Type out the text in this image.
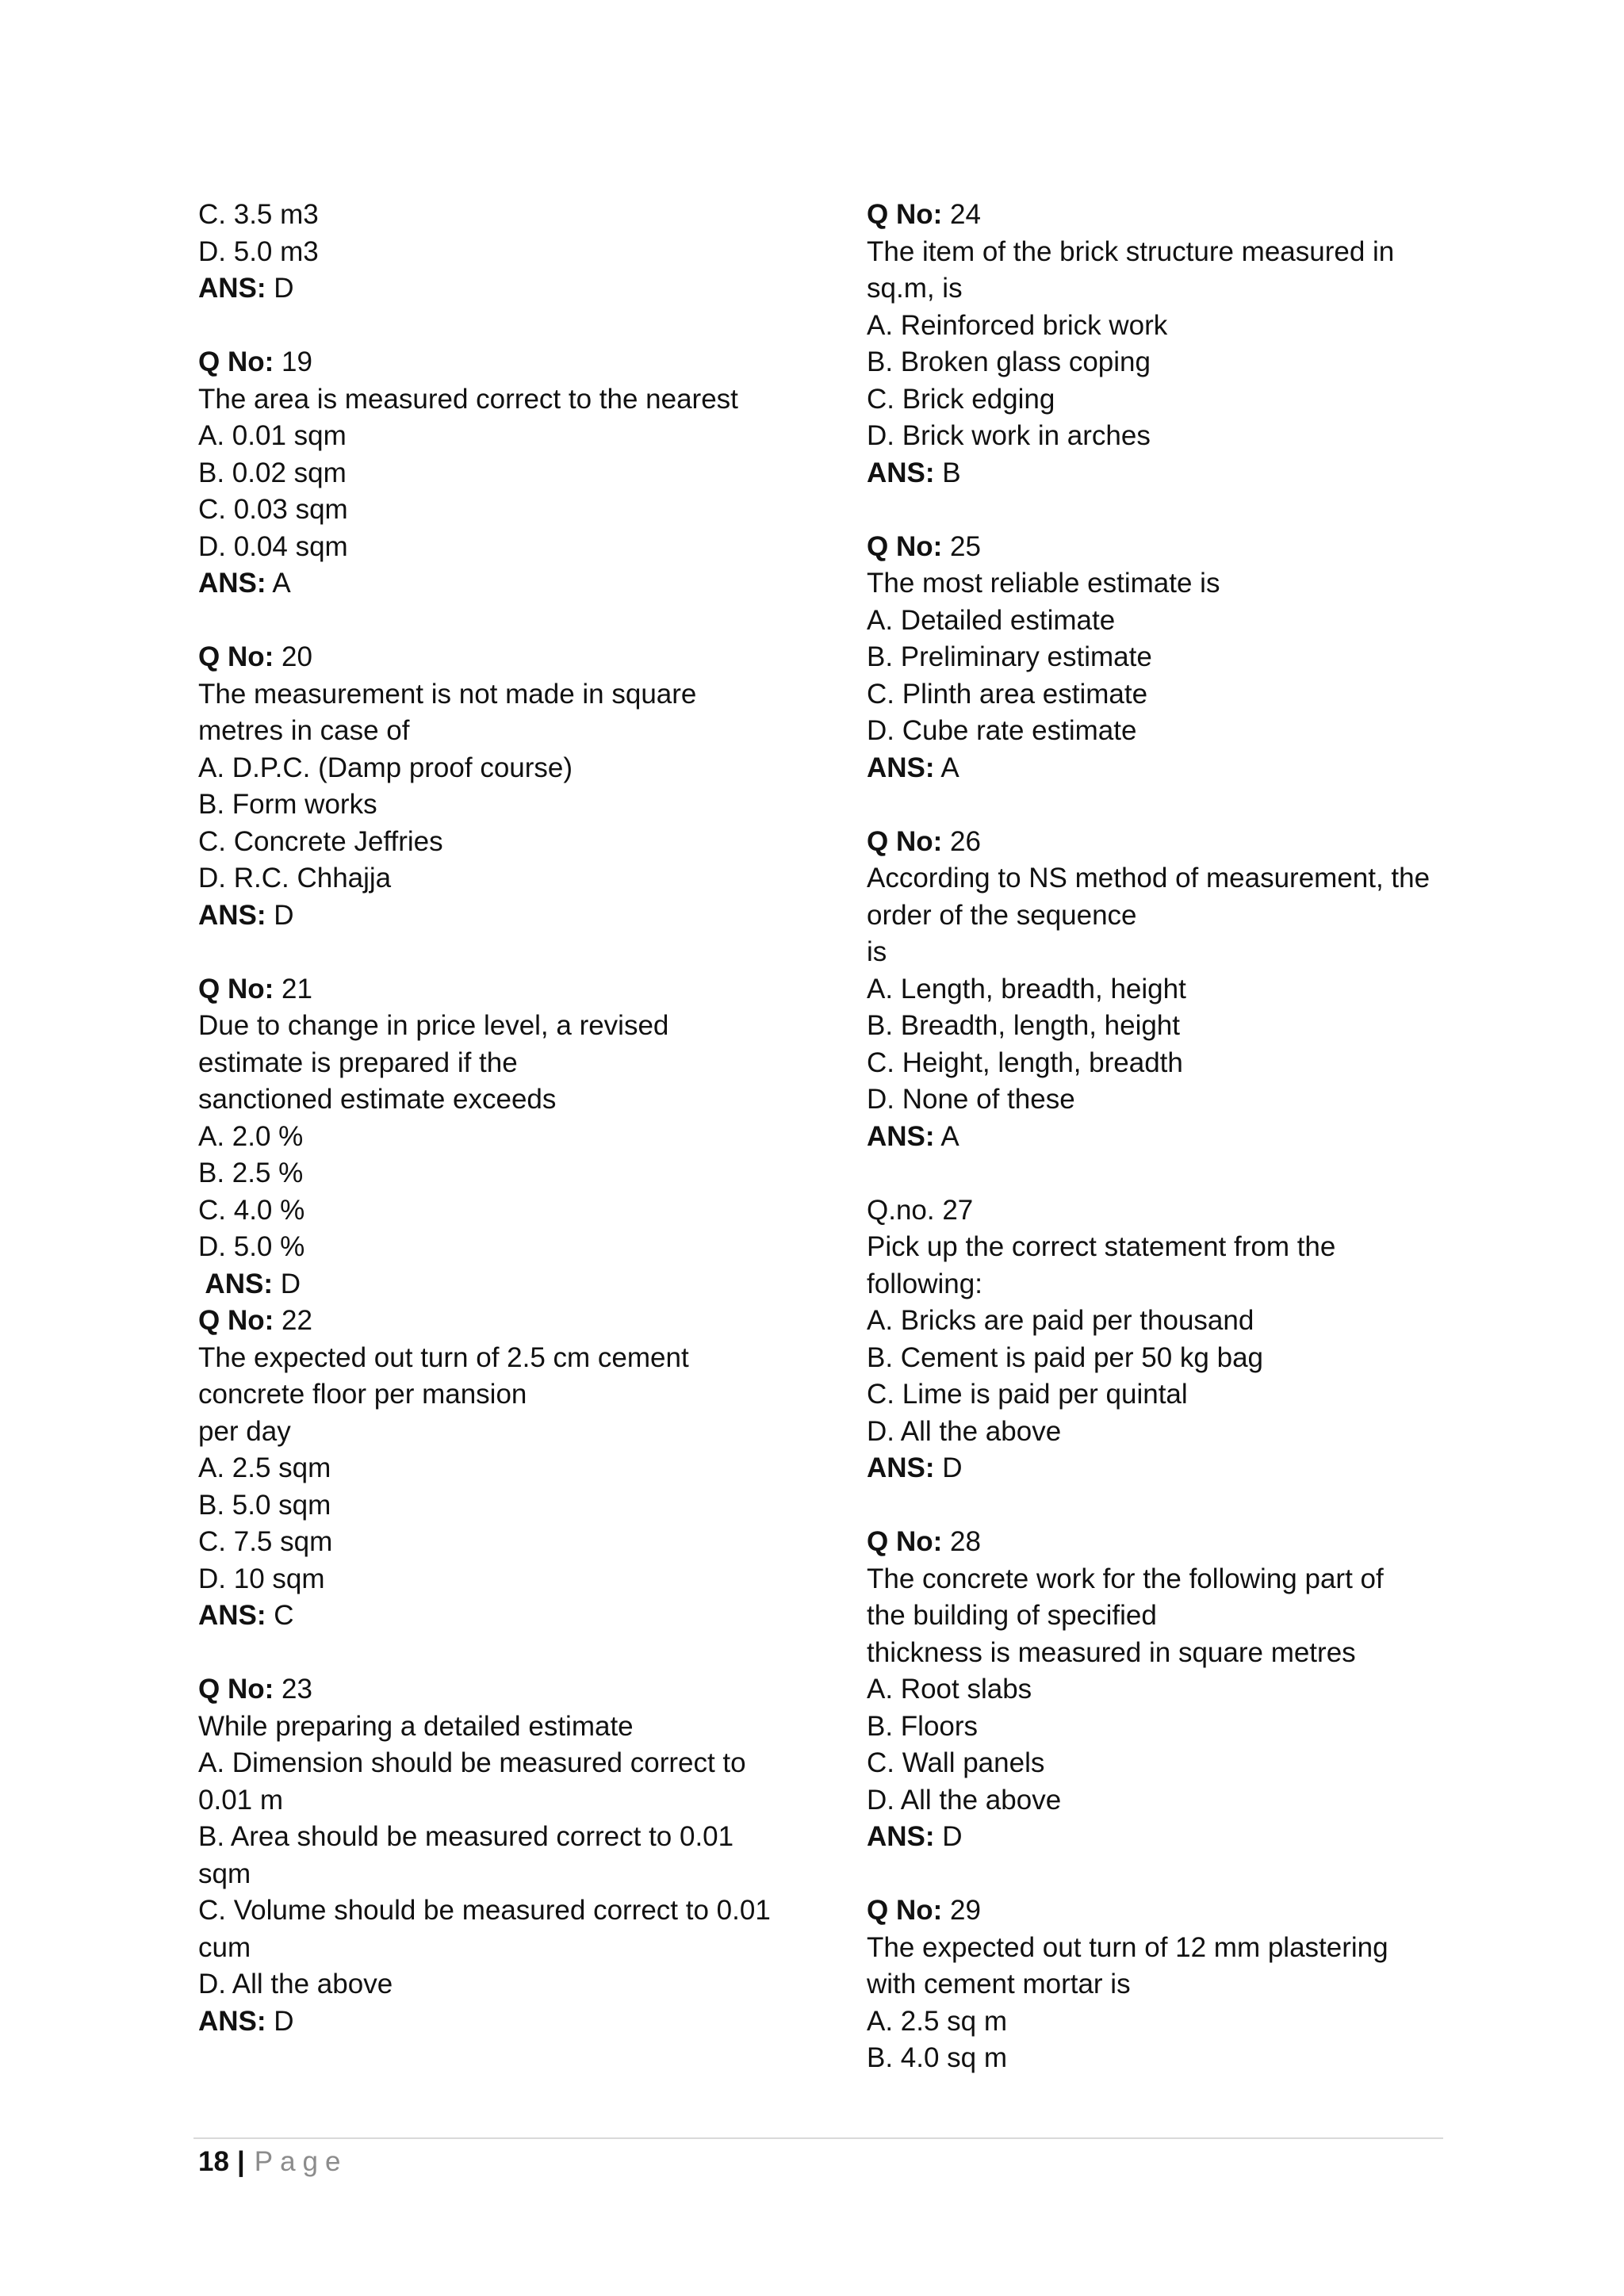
C. 3.5 m3
D. 5.0 m3
ANS: D
Q No: 19
The area is measured correct to the nearest
A. 0.01 sqm
B. 0.02 sqm
C. 0.03 sqm
D. 0.04 sqm
ANS: A
Q No: 20
The measurement is not made in square
metres in case of
A. D.P.C. (Damp proof course)
B. Form works
C. Concrete Jeffries
D. R.C. Chhajja
ANS: D
Q No: 21
Due to change in price level, a revised
estimate is prepared if the
sanctioned estimate exceeds
A. 2.0 %
B. 2.5 %
C. 4.0 %
D. 5.0 %
ANS: D
Q No: 22
The expected out turn of 2.5 cm cement
concrete floor per mansion
per day
A. 2.5 sqm
B. 5.0 sqm
C. 7.5 sqm
D. 10 sqm
ANS: C
Q No: 23
While preparing a detailed estimate
A. Dimension should be measured correct to
0.01 m
B. Area should be measured correct to 0.01
sqm
C. Volume should be measured correct to 0.01
cum
D. All the above
ANS: D
Q No: 24
The item of the brick structure measured in
sq.m, is
A. Reinforced brick work
B. Broken glass coping
C. Brick edging
D. Brick work in arches
ANS: B
Q No: 25
The most reliable estimate is
A. Detailed estimate
B. Preliminary estimate
C. Plinth area estimate
D. Cube rate estimate
ANS: A
Q No: 26
According to NS method of measurement, the
order of the sequence
is
A. Length, breadth, height
B. Breadth, length, height
C. Height, length, breadth
D. None of these
ANS: A
Q.no. 27
Pick up the correct statement from the
following:
A. Bricks are paid per thousand
B. Cement is paid per 50 kg bag
C. Lime is paid per quintal
D. All the above
ANS: D
Q No: 28
The concrete work for the following part of
the building of specified
thickness is measured in square metres
A. Root slabs
B. Floors
C. Wall panels
D. All the above
ANS: D
Q No: 29
The expected out turn of 12 mm plastering
with cement mortar is
A. 2.5 sq m
B. 4.0 sq m
18 | Page
